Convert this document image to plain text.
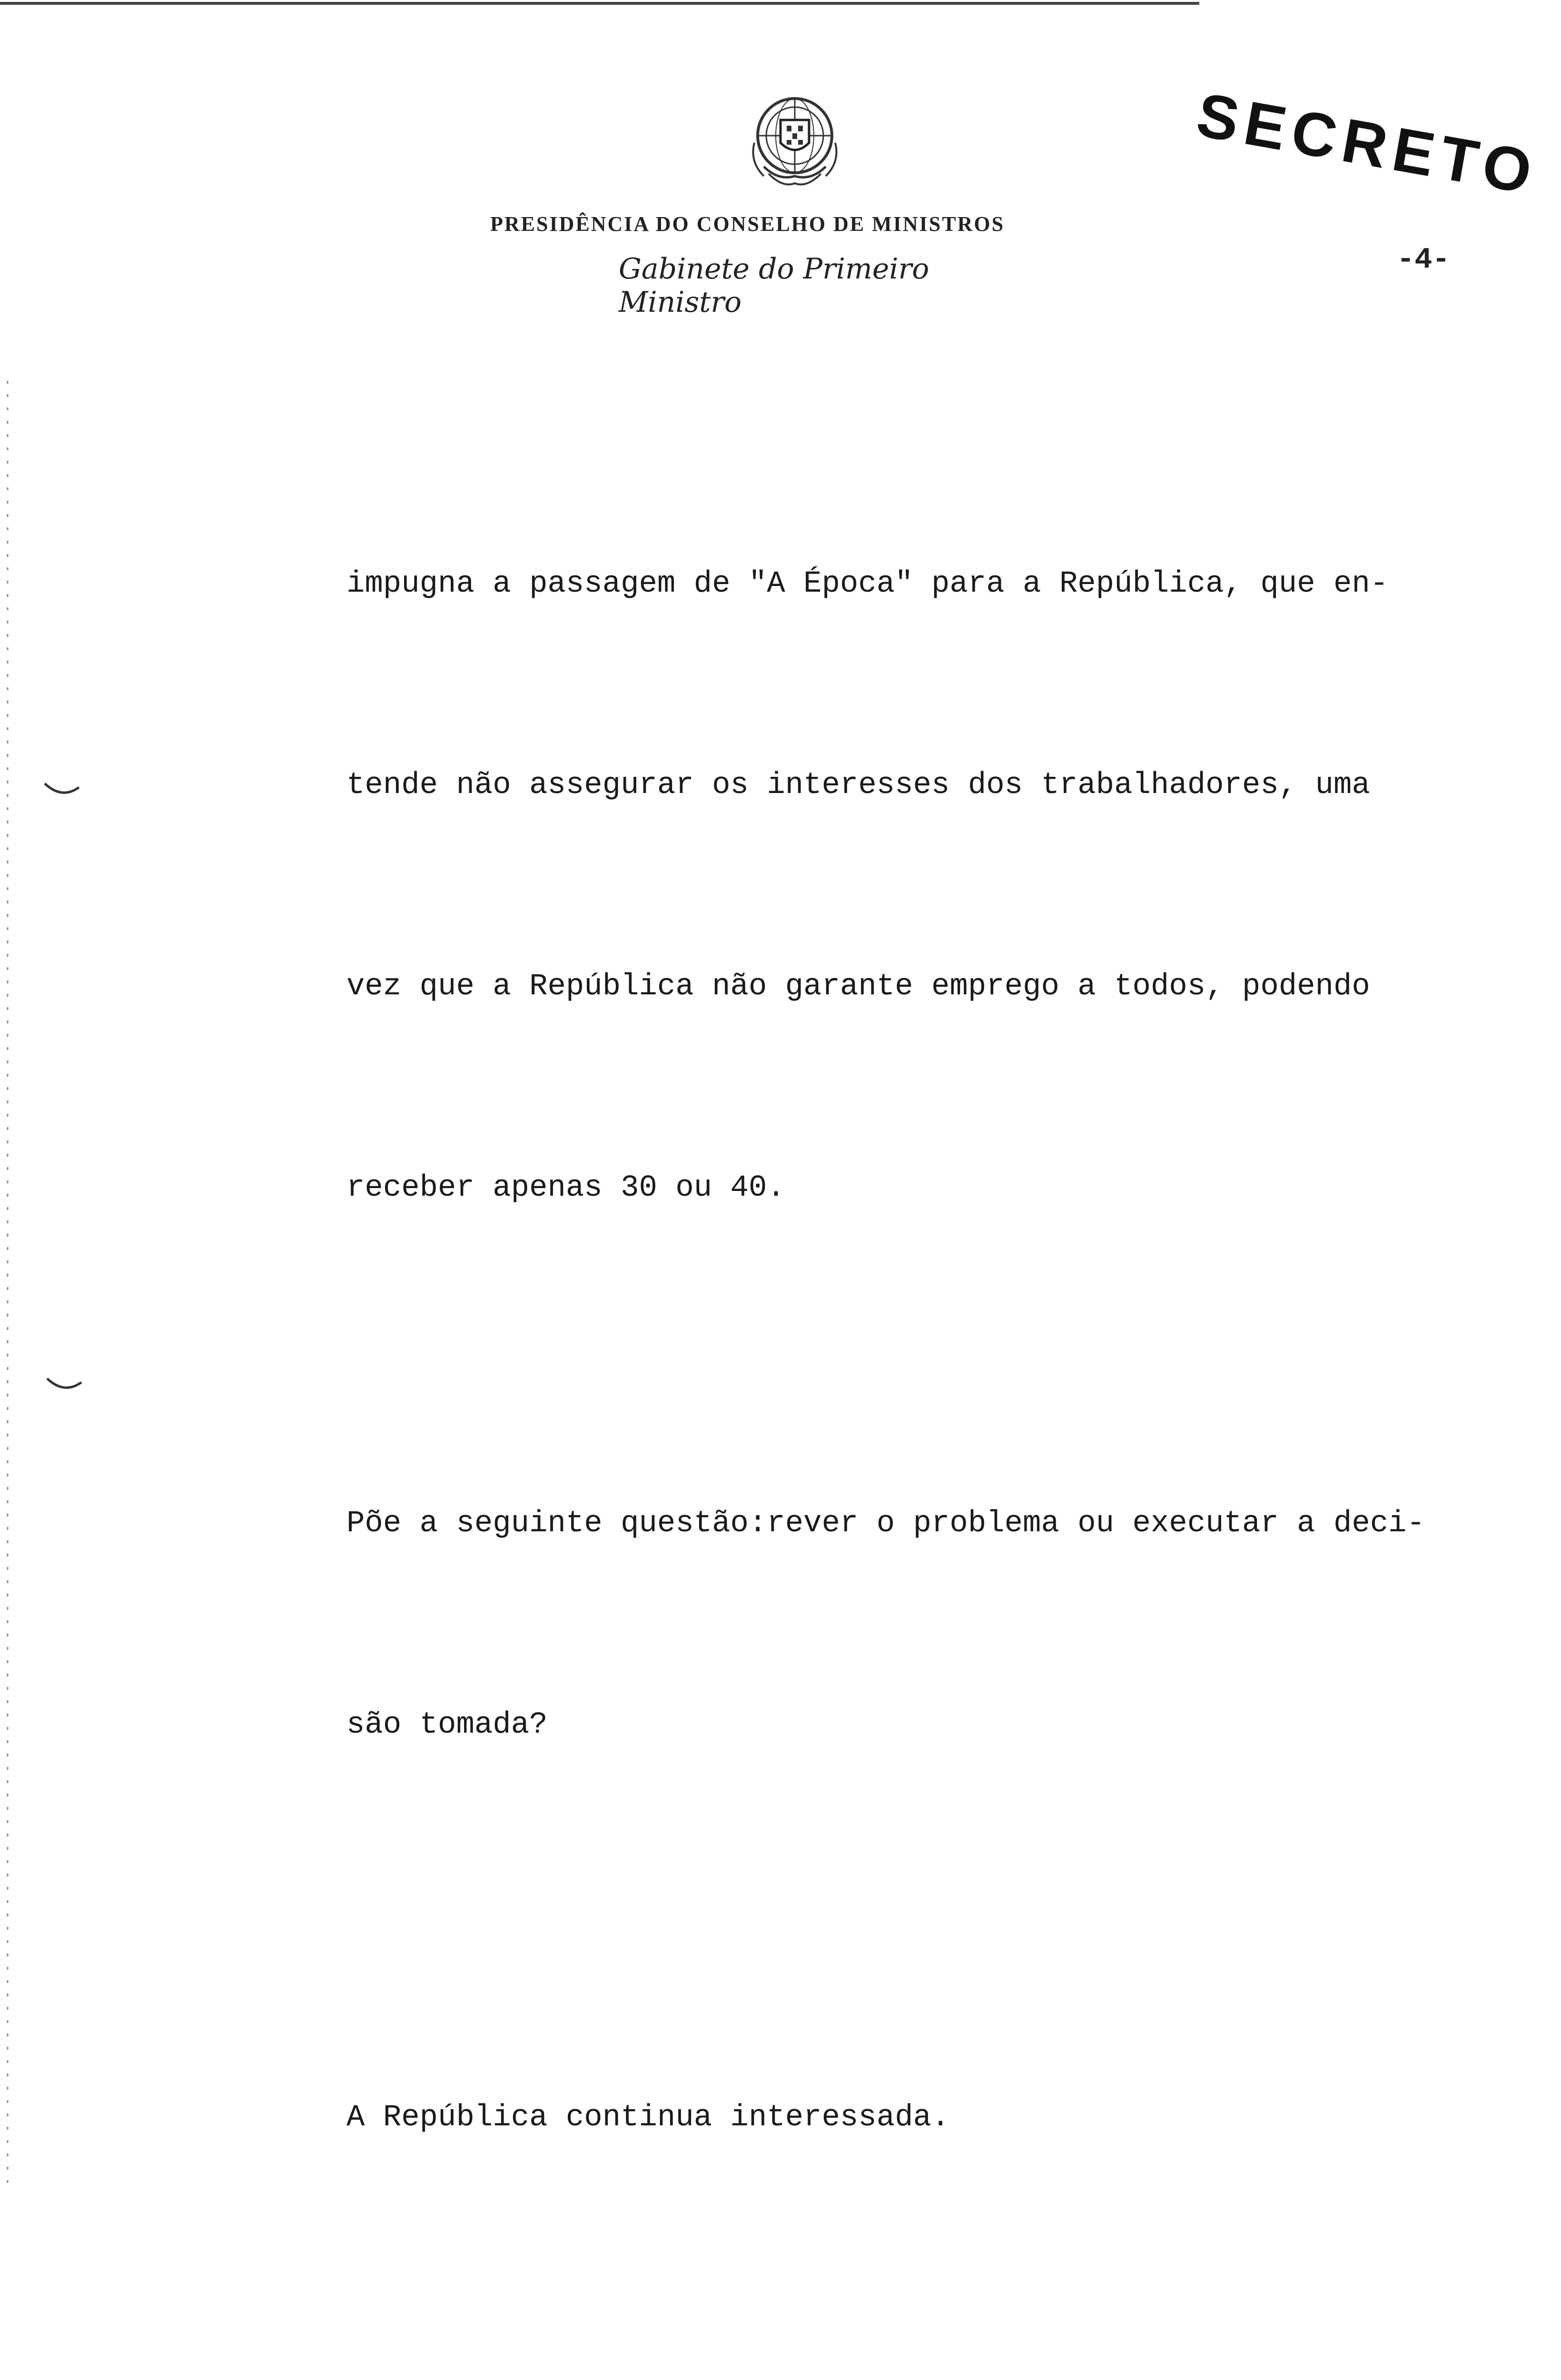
PRESIDÊNCIA DO CONSELHO DE MINISTROS
Gabinete do Primeiro Ministro
SECRETO
-4-

impugna a passagem de "A Época" para a República, que en-

tende não assegurar os interesses dos trabalhadores, uma

vez que a República não garante emprego a todos, podendo

receber apenas 30 ou 40.

Põe a seguinte questão:rever o problema ou executar a deci-

são tomada?

A República continua interessada.
